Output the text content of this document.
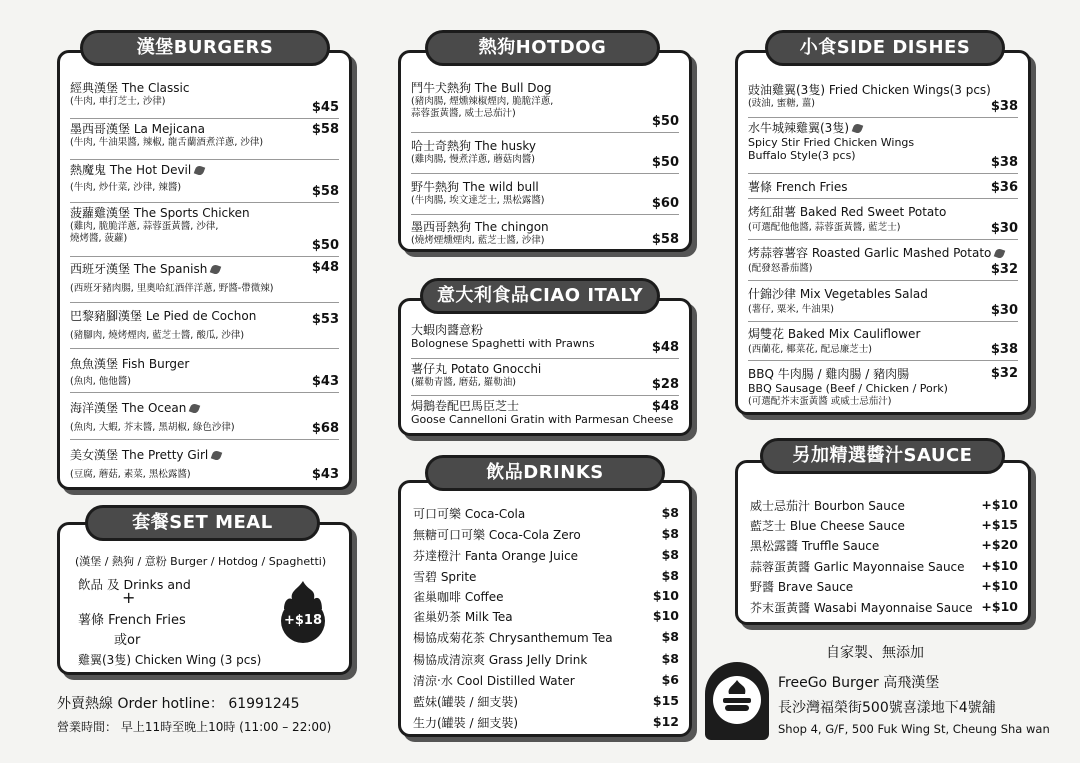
經典漢堡 The Classic
(牛肉, 車打芝士, 沙律)	$45
墨西哥漢堡 La Mejicana
(牛肉, 牛油果醬, 辣椒, 龍舌蘭酒煮洋蔥, 沙律)
$58
熱魔鬼 The Hot Devil
(牛肉, 炒什菜, 沙律, 辣醬)	$58
菠蘿雞漢堡 The Sports Chicken
(雞肉, 脆脆洋蔥, 蒜蓉蛋黃醬, 沙律,
燒烤醬, 菠蘿)	$50
西班牙漢堡 The Spanish
(西班牙豬肉腸, 里奧哈紅酒伴洋蔥, 野醬-帶微辣)
$48
巴黎豬腳漢堡 Le Pied de Cochon
(豬腳肉, 燒烤煙肉, 藍芝士醬, 酸瓜, 沙律)
$53
魚魚漢堡 Fish Burger
(魚肉, 他他醬)	$43
海洋漢堡 The Ocean
(魚肉, 大蝦, 芥末醬, 黑胡椒, 綠色沙律)	$68
美女漢堡 The Pretty Girl
(豆腐, 蘑菇, 素菜, 黑松露醬)	$43
漢堡BURGERS
鬥牛犬熱狗 The Bull Dog
(豬肉腸, 煙燻辣椒煙肉, 脆脆洋蔥,
蒜蓉蛋黃醬, 威士忌茄汁)
$50
哈士奇熱狗 The husky
(雞肉腸, 慢煮洋蔥, 蘑菇肉醬)	$50
野牛熱狗 The wild bull
(牛肉腸, 埃文達芝士, 黑松露醬)	$60
墨西哥熱狗 The chingon
(燒烤煙燻煙肉, 藍芝士醬, 沙律)	$58
熱狗HOTDOG
大蝦肉醬意粉
Bolognese Spaghetti with Prawns	$48
薯仔丸 Potato Gnocchi
(羅勒青醬, 磨菇, 羅勒油)	$28
焗鵝卷配巴馬臣芝士
Goose Cannelloni Gratin with Parmesan Cheese
$48
意大利食品CIAO ITALY
可口可樂 Coca-Cola	$8
無糖可口可樂 Coca-Cola Zero	$8
芬達橙汁 Fanta Orange Juice	$8
雪碧 Sprite	$8
雀巢咖啡 Coffee	$10
雀巢奶茶 Milk Tea	$10
楊協成菊花茶 Chrysanthemum Tea	$8
楊協成清涼爽 Grass Jelly Drink	$8
清涼‧水 Cool Distilled Water	$6
藍妹(罐裝 / 細支裝)	$15
生力(罐裝 / 細支裝)	$12
飲品DRINKS
豉油雞翼(3隻) Fried Chicken Wings(3 pcs)
(豉油, 蜜糖, 薑)	$38
水牛城辣雞翼(3隻)
Spicy Stir Fried Chicken Wings
Buffalo Style(3 pcs)	$38
薯條 French Fries	$36
烤紅甜薯 Baked Red Sweet Potato
(可選配他他醬, 蒜蓉蛋黃醬, 藍芝士)	$30
烤蒜蓉薯容 Roasted Garlic Mashed Potato
(配發怒番茄醬)	$32
什錦沙律 Mix Vegetables Salad
(薯仔, 粟米, 牛油果)	$30
焗雙花 Baked Mix Cauliflower
(西蘭花, 椰菜花, 配忌廉芝士)	$38
BBQ 牛肉腸 / 雞肉腸 / 豬肉腸
BBQ Sausage (Beef / Chicken / Pork)
(可選配芥末蛋黃醬 或威士忌茄汁)
$32
小食SIDE DISHES
威士忌茄汁 Bourbon Sauce	+$10
藍芝士 Blue Cheese Sauce	+$15
黑松露醬 Truffle Sauce	+$20
蒜蓉蛋黃醬 Garlic Mayonnaise Sauce +$10
野醬 Brave Sauce	+$10
芥末蛋黃醬 Wasabi Mayonnaise Sauce +$10
另加精選醬汁SAUCE
(漢堡 / 熱狗 / 意粉 Burger / Hotdog / Spaghetti)
飲品 及 Drinks and
+
薯條 French Fries
或or
雞翼(3隻) Chicken Wing (3 pcs)
+$18
套餐SET MEAL
外賣熱線 Order hotline： 61991245
營業時間： 早上11時至晚上10時 (11:00 – 22:00)
自家製、無添加
FreeGo Burger 高飛漢堡
長沙灣福榮街500號喜漾地下4號舖
Shop 4, G/F, 500 Fuk Wing St, Cheung Sha wan
